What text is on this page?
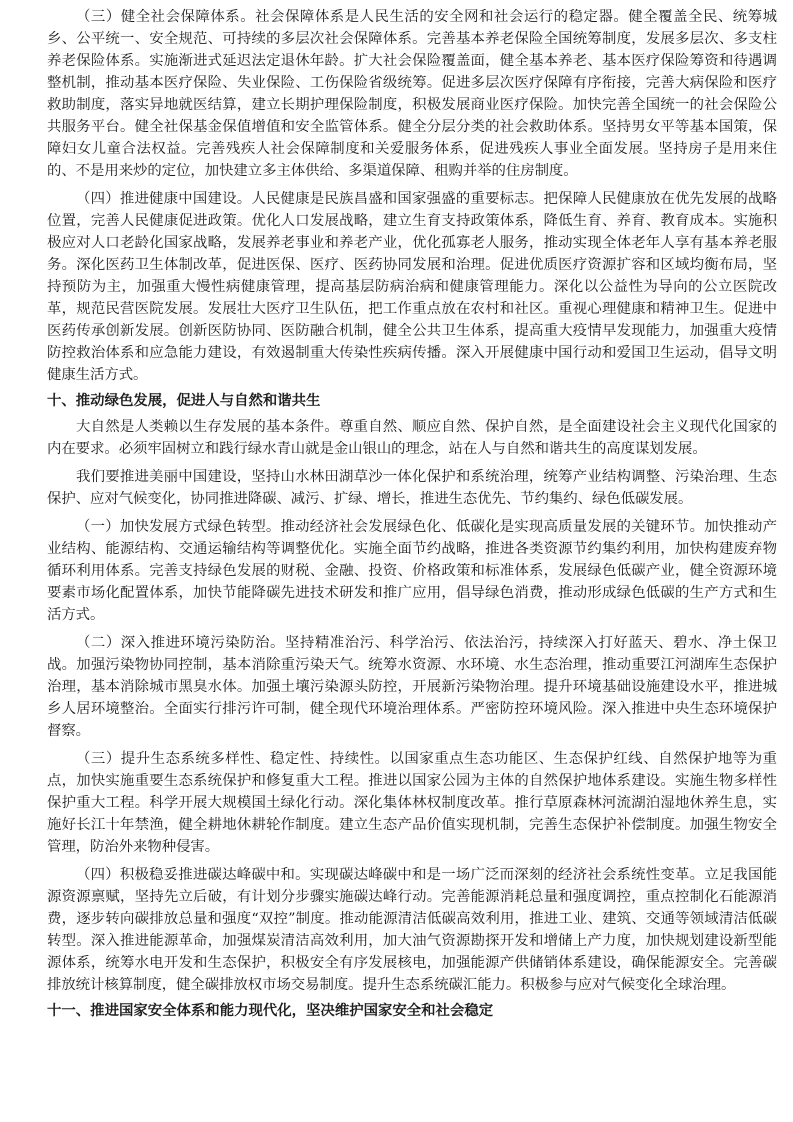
（三）健全社会保障体系。社会保障体系是人民生活的安全网和社会运行的稳定器。健全覆盖全民、统筹城乡、公平统一、安全规范、可持续的多层次社会保障体系。完善基本养老保险全国统筹制度，发展多层次、多支柱养老保险体系。实施渐进式延迟法定退休年龄。扩大社会保险覆盖面，健全基本养老、基本医疗保险筹资和待遇调整机制，推动基本医疗保险、失业保险、工伤保险省级统筹。促进多层次医疗保障有序衔接，完善大病保险和医疗救助制度，落实异地就医结算，建立长期护理保险制度，积极发展商业医疗保险。加快完善全国统一的社会保险公共服务平台。健全社保基金保值增值和安全监管体系。健全分层分类的社会救助体系。坚持男女平等基本国策，保障妇女儿童合法权益。完善残疾人社会保障制度和关爱服务体系，促进残疾人事业全面发展。坚持房子是用来住的、不是用来炒的定位，加快建立多主体供给、多渠道保障、租购并举的住房制度。

（四）推进健康中国建设。人民健康是民族昌盛和国家强盛的重要标志。把保障人民健康放在优先发展的战略位置，完善人民健康促进政策。优化人口发展战略，建立生育支持政策体系，降低生育、养育、教育成本。实施积极应对人口老龄化国家战略，发展养老事业和养老产业，优化孤寡老人服务，推动实现全体老年人享有基本养老服务。深化医药卫生体制改革，促进医保、医疗、医药协同发展和治理。促进优质医疗资源扩容和区域均衡布局，坚持预防为主，加强重大慢性病健康管理，提高基层防病治病和健康管理能力。深化以公益性为导向的公立医院改革，规范民营医院发展。发展壮大医疗卫生队伍，把工作重点放在农村和社区。重视心理健康和精神卫生。促进中医药传承创新发展。创新医防协同、医防融合机制，健全公共卫生体系，提高重大疫情早发现能力，加强重大疫情防控救治体系和应急能力建设，有效遏制重大传染性疾病传播。深入开展健康中国行动和爱国卫生运动，倡导文明健康生活方式。

十、推动绿色发展，促进人与自然和谐共生

大自然是人类赖以生存发展的基本条件。尊重自然、顺应自然、保护自然，是全面建设社会主义现代化国家的内在要求。必须牢固树立和践行绿水青山就是金山银山的理念，站在人与自然和谐共生的高度谋划发展。

我们要推进美丽中国建设，坚持山水林田湖草沙一体化保护和系统治理，统筹产业结构调整、污染治理、生态保护、应对气候变化，协同推进降碳、减污、扩绿、增长，推进生态优先、节约集约、绿色低碳发展。

（一）加快发展方式绿色转型。推动经济社会发展绿色化、低碳化是实现高质量发展的关键环节。加快推动产业结构、能源结构、交通运输结构等调整优化。实施全面节约战略，推进各类资源节约集约利用，加快构建废弃物循环利用体系。完善支持绿色发展的财税、金融、投资、价格政策和标准体系，发展绿色低碳产业，健全资源环境要素市场化配置体系，加快节能降碳先进技术研发和推广应用，倡导绿色消费，推动形成绿色低碳的生产方式和生活方式。

（二）深入推进环境污染防治。坚持精准治污、科学治污、依法治污，持续深入打好蓝天、碧水、净土保卫战。加强污染物协同控制，基本消除重污染天气。统筹水资源、水环境、水生态治理，推动重要江河湖库生态保护治理，基本消除城市黑臭水体。加强土壤污染源头防控，开展新污染物治理。提升环境基础设施建设水平，推进城乡人居环境整治。全面实行排污许可制，健全现代环境治理体系。严密防控环境风险。深入推进中央生态环境保护督察。

（三）提升生态系统多样性、稳定性、持续性。以国家重点生态功能区、生态保护红线、自然保护地等为重点，加快实施重要生态系统保护和修复重大工程。推进以国家公园为主体的自然保护地体系建设。实施生物多样性保护重大工程。科学开展大规模国土绿化行动。深化集体林权制度改革。推行草原森林河流湖泊湿地休养生息，实施好长江十年禁渔，健全耕地休耕轮作制度。建立生态产品价值实现机制，完善生态保护补偿制度。加强生物安全管理，防治外来物种侵害。

（四）积极稳妥推进碳达峰碳中和。实现碳达峰碳中和是一场广泛而深刻的经济社会系统性变革。立足我国能源资源禀赋，坚持先立后破，有计划分步骤实施碳达峰行动。完善能源消耗总量和强度调控，重点控制化石能源消费，逐步转向碳排放总量和强度“双控”制度。推动能源清洁低碳高效利用，推进工业、建筑、交通等领域清洁低碳转型。深入推进能源革命，加强煤炭清洁高效利用，加大油气资源勘探开发和增储上产力度，加快规划建设新型能源体系，统筹水电开发和生态保护，积极安全有序发展核电，加强能源产供储销体系建设，确保能源安全。完善碳排放统计核算制度，健全碳排放权市场交易制度。提升生态系统碳汇能力。积极参与应对气候变化全球治理。

十一、推进国家安全体系和能力现代化，坚决维护国家安全和社会稳定
